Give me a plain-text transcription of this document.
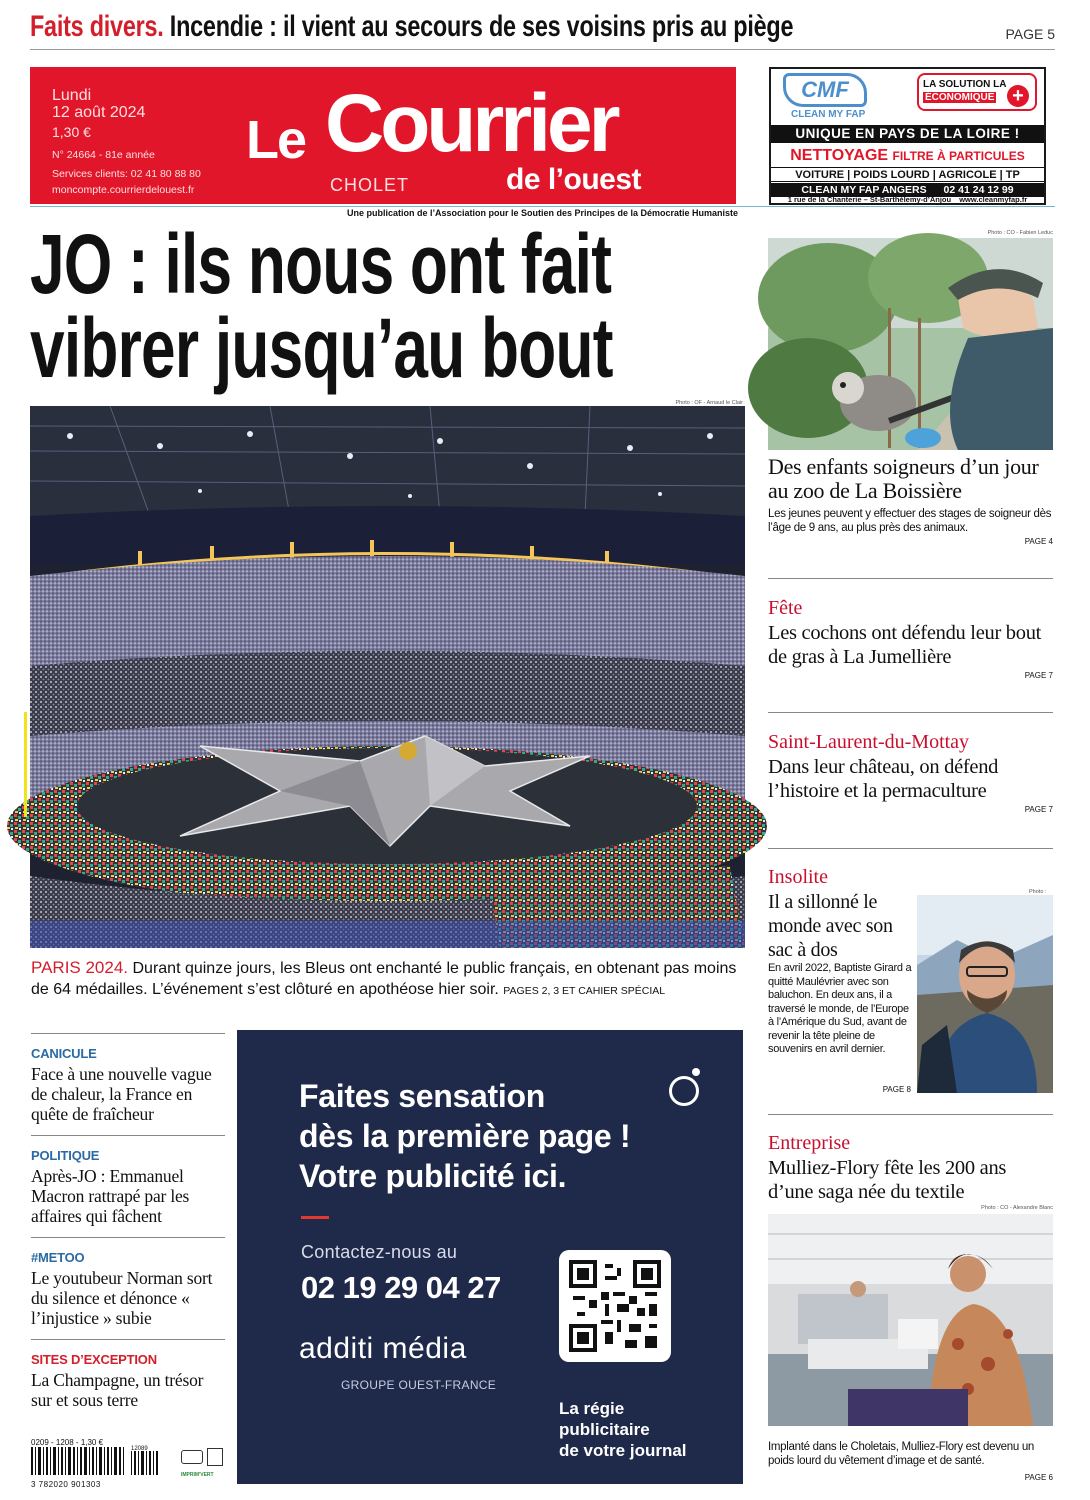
Faits divers. Incendie : il vient au secours de ses voisins pris au piège	PAGE 5
Lundi
12 août 2024
1,30 €
N° 24664 - 81e année
Services clients: 02 41 80 88 80
moncompte.courrierdelouest.fr
Le Courrier
CHOLET	de l’ouest
Une publication de l’Association pour le Soutien des Principes de la Démocratie Humaniste
CMF
CLEAN MY FAP
LA SOLUTION LA
ÉCONOMIQUE +
UNIQUE EN PAYS DE LA LOIRE !
NETTOYAGE FILTRE À PARTICULES
VOITURE | POIDS LOURD | AGRICOLE | TP
CLEAN MY FAP ANGERS 02 41 24 12 99
1 rue de la Chanterie – St-Barthélemy-d’Anjou www.cleanmyfap.fr
JO : ils nous ont fait
vibrer jusqu’au bout
Photo : OF - Arnaud le Clair
PARIS 2024. Durant quinze jours, les Bleus ont enchanté le public français, en obtenant pas moins de 64 médailles. L’événement s’est clôturé en apothéose hier soir. PAGES 2, 3 ET CAHIER SPÉCIAL
Photo : CO - Fabien Leduc
Des enfants soigneurs d’un jour au zoo de La Boissière
Les jeunes peuvent y effectuer des stages de soigneur dès l’âge de 9 ans, au plus près des animaux.
PAGE 4
Fête
Les cochons ont défendu leur bout de gras à La Jumellière
PAGE 7
Saint-Laurent-du-Mottay
Dans leur château, on défend l’histoire et la permaculture
PAGE 7
Insolite
Il a sillonné le monde avec son sac à dos
En avril 2022, Baptiste Girard a quitté Maulévrier avec son baluchon. En deux ans, il a traversé le monde, de l’Europe à l’Amérique du Sud, avant de revenir la tête pleine de souvenirs en avril dernier.
PAGE 8
Photo :
Entreprise
Mulliez-Flory fête les 200 ans d’une saga née du textile
Photo : CO - Alexandre Blanc
Implanté dans le Choletais, Mulliez-Flory est devenu un poids lourd du vêtement d’image et de santé.
PAGE 6
CANICULE
Face à une nouvelle vague de chaleur, la France en quête de fraîcheur
POLITIQUE
Après-JO : Emmanuel Macron rattrapé par les affaires qui fâchent
#METOO
Le youtubeur Norman sort du silence et dénonce « l’injustice » subie
SITES D’EXCEPTION
La Champagne, un trésor sur et sous terre
0209 - 1208 - 1,30 €
12089
3 782020 901303
IMPRIM'VERT
Faites sensation
dès la première page !
Votre publicité ici.
Contactez-nous au
02 19 29 04 27
additi média
GROUPE OUEST-FRANCE
La régie
publicitaire
de votre journal
